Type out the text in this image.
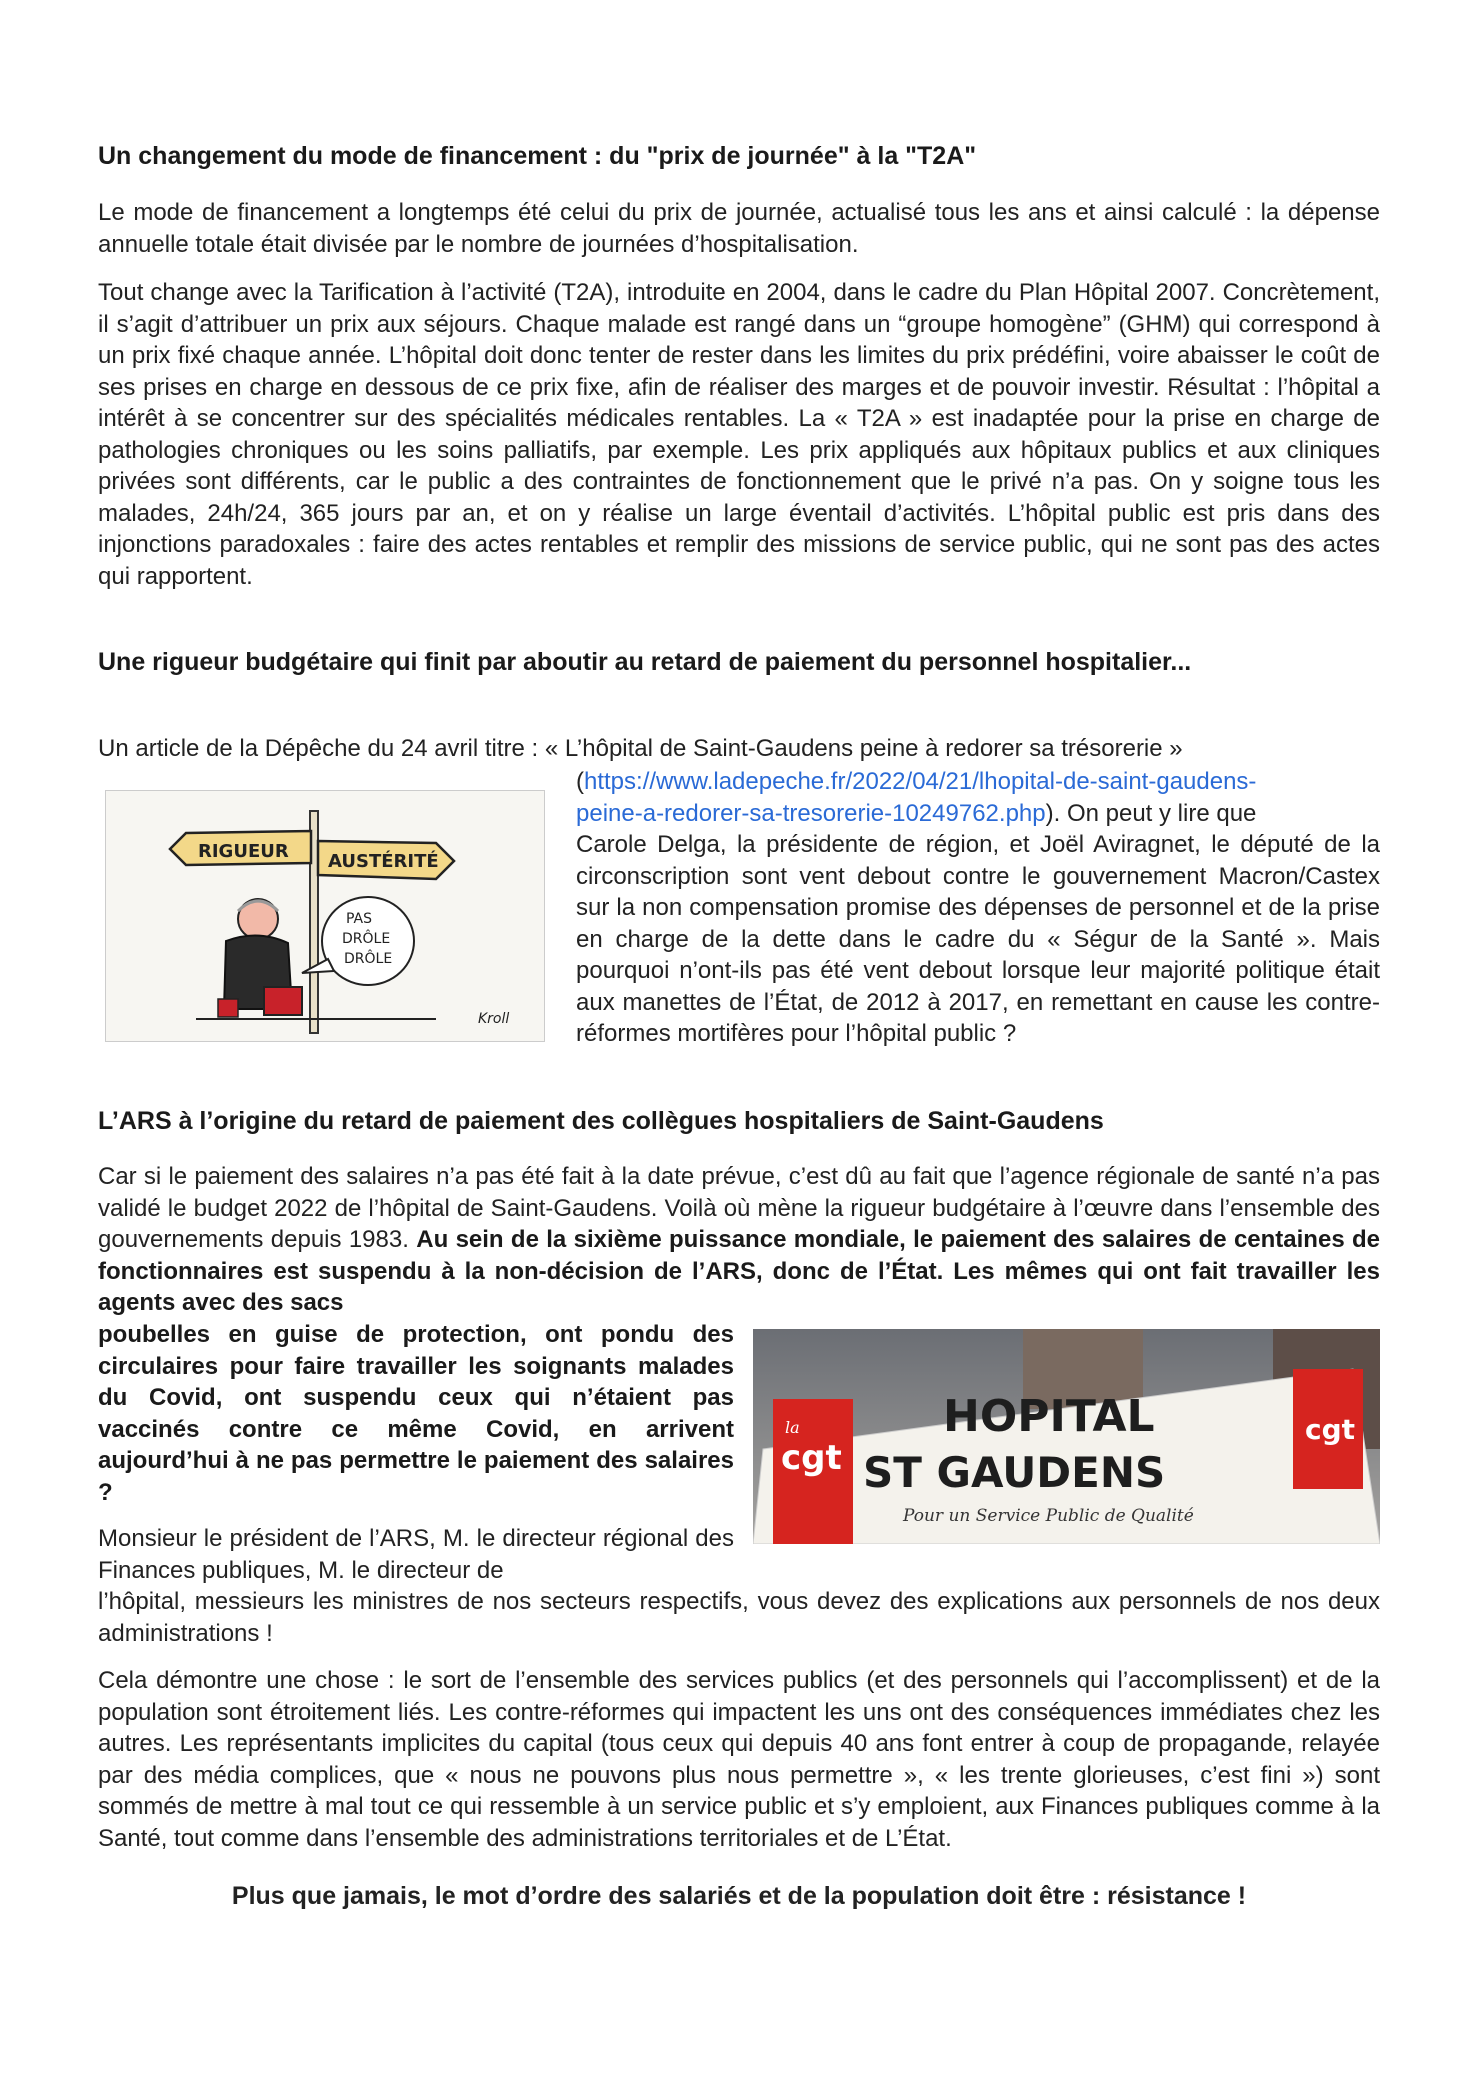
Un changement du mode de financement : du "prix de journée" à la "T2A"

Le mode de financement a longtemps été celui du prix de journée, actualisé tous les ans et ainsi calculé : la dépense annuelle totale était divisée par le nombre de journées d’hospitalisation.

Tout change avec la Tarification à l’activité (T2A), introduite en 2004, dans le cadre du Plan Hôpital 2007. Concrètement, il s’agit d’attribuer un prix aux séjours. Chaque malade est rangé dans un “groupe homogène” (GHM) qui correspond à un prix fixé chaque année. L’hôpital doit donc tenter de rester dans les limites du prix prédéfini, voire abaisser le coût de ses prises en charge en dessous de ce prix fixe, afin de réaliser des marges et de pouvoir investir. Résultat : l’hôpital a intérêt à se concentrer sur des spécialités médicales rentables. La « T2A » est inadaptée pour la prise en charge de pathologies chroniques ou les soins palliatifs, par exemple. Les prix appliqués aux hôpitaux publics et aux cliniques privées sont différents, car le public a des contraintes de fonctionnement que le privé n’a pas. On y soigne tous les malades, 24h/24, 365 jours par an, et on y réalise un large éventail d’activités. L’hôpital public est pris dans des injonctions paradoxales : faire des actes rentables et remplir des missions de service public, qui ne sont pas des actes qui rapportent.

Une rigueur budgétaire qui finit par aboutir au retard de paiement du personnel hospitalier...

Un article de la Dépêche du 24 avril titre : « L’hôpital de Saint-Gaudens peine à redorer sa trésorerie »

RIGUEUR AUSTÉRITÉ
PAS
DRÔLE
DRÔLE
Kroll

(https://www.ladepeche.fr/2022/04/21/lhopital-de-saint-gaudens-

peine-a-redorer-sa-tresorerie-10249762.php). On peut y lire que

Carole Delga, la présidente de région, et Joël Aviragnet, le député de la circonscription sont vent debout contre le gouvernement Macron/Castex sur la non compensation promise des dépenses de personnel et de la prise en charge de la dette dans le cadre du « Ségur de la Santé ». Mais pourquoi n’ont-ils pas été vent debout lorsque leur majorité politique était aux manettes de l’État, de 2012 à 2017, en remettant en cause les contre-réformes mortifères pour l’hôpital public ?

L’ARS à l’origine du retard de paiement des collègues hospitaliers de Saint-Gaudens

Car si le paiement des salaires n’a pas été fait à la date prévue, c’est dû au fait que l’agence régionale de santé n’a pas validé le budget 2022 de l’hôpital de Saint-Gaudens. Voilà où mène la rigueur budgétaire à l’œuvre dans l’ensemble des gouvernements depuis 1983. Au sein de la sixième puissance mondiale, le paiement des salaires de centaines de fonctionnaires est suspendu à la non-décision de l’ARS, donc de l’État. Les mêmes qui ont fait travailler les agents avec des sacs

poubelles en guise de protection, ont pondu des circulaires pour faire travailler les soignants malades du Covid, ont suspendu ceux qui n’étaient pas vaccinés contre ce même Covid, en arrivent aujourd’hui à ne pas permettre le paiement des salaires ?

la
cgt
cgt
HOPITAL
ST GAUDENS
Pour un Service Public de Qualité

Monsieur le président de l’ARS, M. le directeur régional des Finances publiques, M. le directeur de

l’hôpital, messieurs les ministres de nos secteurs respectifs, vous devez des explications aux personnels de nos deux administrations !

Cela démontre une chose : le sort de l’ensemble des services publics (et des personnels qui l’accomplissent) et de la population sont étroitement liés. Les contre-réformes qui impactent les uns ont des conséquences immédiates chez les autres. Les représentants implicites du capital (tous ceux qui depuis 40 ans font entrer à coup de propagande, relayée par des média complices, que « nous ne pouvons plus nous permettre », « les trente glorieuses, c’est fini ») sont sommés de mettre à mal tout ce qui ressemble à un service public et s’y emploient, aux Finances publiques comme à la Santé, tout comme dans l’ensemble des administrations territoriales et de L’État.

Plus que jamais, le mot d’ordre des salariés et de la population doit être : résistance !
